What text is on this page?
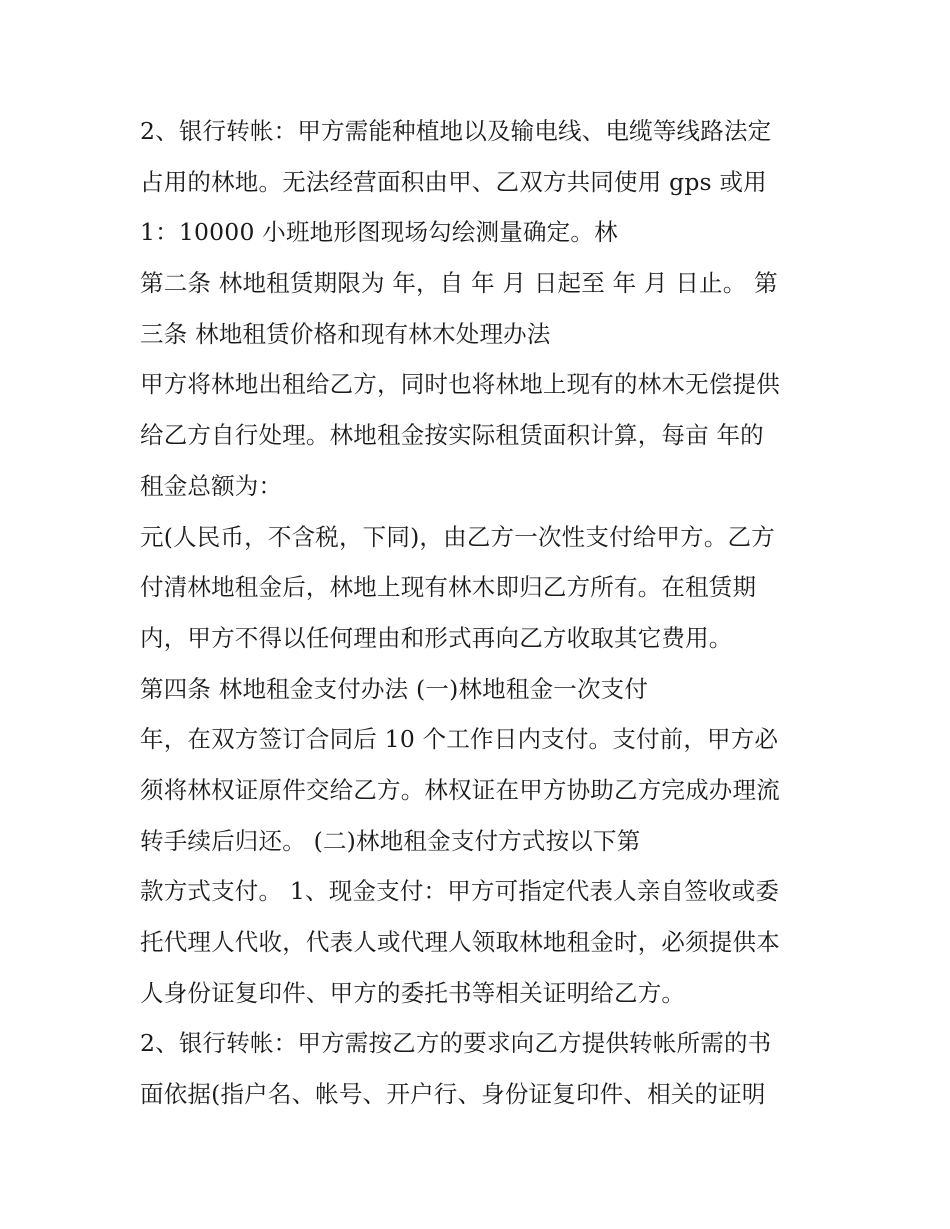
2、银行转帐：甲方需能种植地以及输电线、电缆等线路法定
占用的林地。无法经营面积由甲、乙双方共同使用 gps 或用
1：10000 小班地形图现场勾绘测量确定。林
第二条 林地租赁期限为 年，自 年 月 日起至 年 月 日止。 第
三条 林地租赁价格和现有林木处理办法
甲方将林地出租给乙方，同时也将林地上现有的林木无偿提供
给乙方自行处理。林地租金按实际租赁面积计算，每亩 年的
租金总额为：
元(人民币，不含税，下同)，由乙方一次性支付给甲方。乙方
付清林地租金后，林地上现有林木即归乙方所有。在租赁期
内，甲方不得以任何理由和形式再向乙方收取其它费用。
第四条 林地租金支付办法 (一)林地租金一次支付
年，在双方签订合同后 10 个工作日内支付。支付前，甲方必
须将林权证原件交给乙方。林权证在甲方协助乙方完成办理流
转手续后归还。 (二)林地租金支付方式按以下第
款方式支付。 1、现金支付：甲方可指定代表人亲自签收或委
托代理人代收，代表人或代理人领取林地租金时，必须提供本
人身份证复印件、甲方的委托书等相关证明给乙方。
2、银行转帐：甲方需按乙方的要求向乙方提供转帐所需的书
面依据(指户名、帐号、开户行、身份证复印件、相关的证明
